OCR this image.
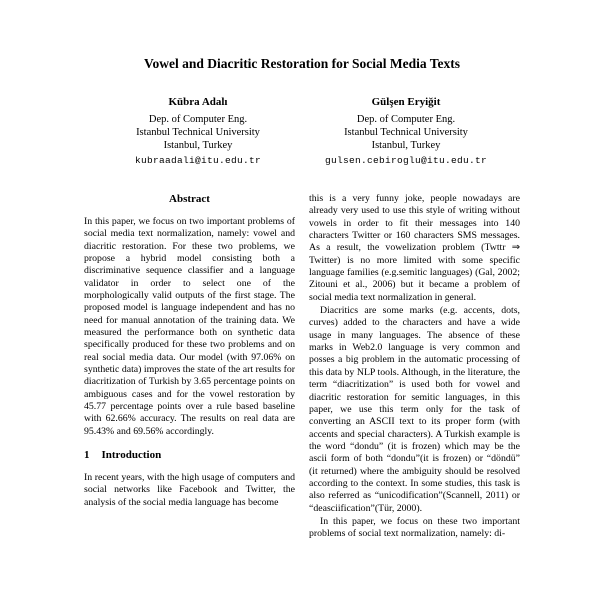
Vowel and Diacritic Restoration for Social Media Texts
Kübra Adalı
Dep. of Computer Eng.
Istanbul Technical University
Istanbul, Turkey
kubraadali@itu.edu.tr
Gülşen Eryiğit
Dep. of Computer Eng.
Istanbul Technical University
Istanbul, Turkey
gulsen.cebiroglu@itu.edu.tr
Abstract

In this paper, we focus on two important problems of social media text normalization, namely: vowel and diacritic restoration. For these two problems, we propose a hybrid model consisting both a discriminative sequence classifier and a language validator in order to select one of the morphologically valid outputs of the first stage. The proposed model is language independent and has no need for manual annotation of the training data. We measured the performance both on synthetic data specifically produced for these two problems and on real social media data. Our model (with 97.06% on synthetic data) improves the state of the art results for diacritization of Turkish by 3.65 percentage points on ambiguous cases and for the vowel restoration by 45.77 percentage points over a rule based baseline with 62.66% accuracy. The results on real data are 95.43% and 69.56% accordingly.

1 Introduction

In recent years, with the high usage of computers and social networks like Facebook and Twitter, the analysis of the social media language has become

this is a very funny joke, people nowadays are already very used to use this style of writing without vowels in order to fit their messages into 140 characters Twitter or 160 characters SMS messages. As a result, the vowelization problem (Twttr ⇒ Twitter) is no more limited with some specific language families (e.g.semitic languages) (Gal, 2002; Zitouni et al., 2006) but it became a problem of social media text normalization in general.

Diacritics are some marks (e.g. accents, dots, curves) added to the characters and have a wide usage in many languages. The absence of these marks in Web2.0 language is very common and posses a big problem in the automatic processing of this data by NLP tools. Although, in the literature, the term “diacritization” is used both for vowel and diacritic restoration for semitic languages, in this paper, we use this term only for the task of converting an ASCII text to its proper form (with accents and special characters). A Turkish example is the word “dondu” (it is frozen) which may be the ascii form of both “dondu”(it is frozen) or “döndü” (it returned) where the ambiguity should be resolved according to the context. In some studies, this task is also referred as “unicodification”(Scannell, 2011) or “deasciification”(Tür, 2000).

In this paper, we focus on these two important problems of social text normalization, namely: di-
